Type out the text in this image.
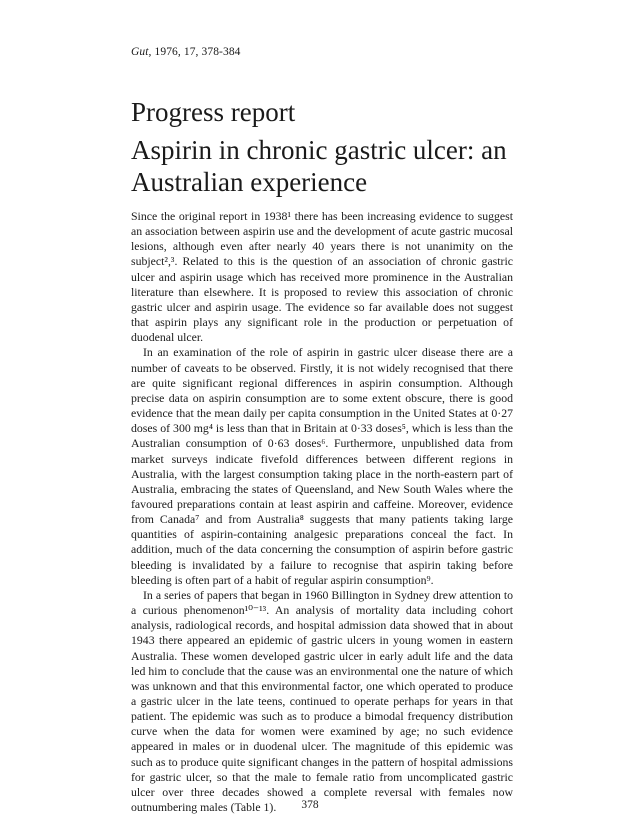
Gut, 1976, 17, 378-384
Progress report
Aspirin in chronic gastric ulcer: an Australian experience

Since the original report in 1938¹ there has been increasing evidence to suggest an association between aspirin use and the development of acute gastric mucosal lesions, although even after nearly 40 years there is not unanimity on the subject²,³. Related to this is the question of an association of chronic gastric ulcer and aspirin usage which has received more prominence in the Australian literature than elsewhere. It is proposed to review this association of chronic gastric ulcer and aspirin usage. The evidence so far available does not suggest that aspirin plays any significant role in the production or perpetuation of duodenal ulcer.

In an examination of the role of aspirin in gastric ulcer disease there are a number of caveats to be observed. Firstly, it is not widely recognised that there are quite significant regional differences in aspirin consumption. Although precise data on aspirin consumption are to some extent obscure, there is good evidence that the mean daily per capita consumption in the United States at 0·27 doses of 300 mg⁴ is less than that in Britain at 0·33 doses⁵, which is less than the Australian consumption of 0·63 doses⁶. Furthermore, unpublished data from market surveys indicate fivefold differences between different regions in Australia, with the largest consumption taking place in the north-eastern part of Australia, embracing the states of Queensland, and New South Wales where the favoured preparations contain at least aspirin and caffeine. Moreover, evidence from Canada⁷ and from Australia⁸ suggests that many patients taking large quantities of aspirin-containing analgesic preparations conceal the fact. In addition, much of the data concerning the consumption of aspirin before gastric bleeding is invalidated by a failure to recognise that aspirin taking before bleeding is often part of a habit of regular aspirin consumption⁹.

In a series of papers that began in 1960 Billington in Sydney drew attention to a curious phenomenon¹⁰⁻¹³. An analysis of mortality data including cohort analysis, radiological records, and hospital admission data showed that in about 1943 there appeared an epidemic of gastric ulcers in young women in eastern Australia. These women developed gastric ulcer in early adult life and the data led him to conclude that the cause was an environmental one the nature of which was unknown and that this environmental factor, one which operated to produce a gastric ulcer in the late teens, continued to operate perhaps for years in that patient. The epidemic was such as to produce a bimodal frequency distribution curve when the data for women were examined by age; no such evidence appeared in males or in duodenal ulcer. The magnitude of this epidemic was such as to produce quite significant changes in the pattern of hospital admissions for gastric ulcer, so that the male to female ratio from uncomplicated gastric ulcer over three decades showed a complete reversal with females now outnumbering males (Table 1).	378
